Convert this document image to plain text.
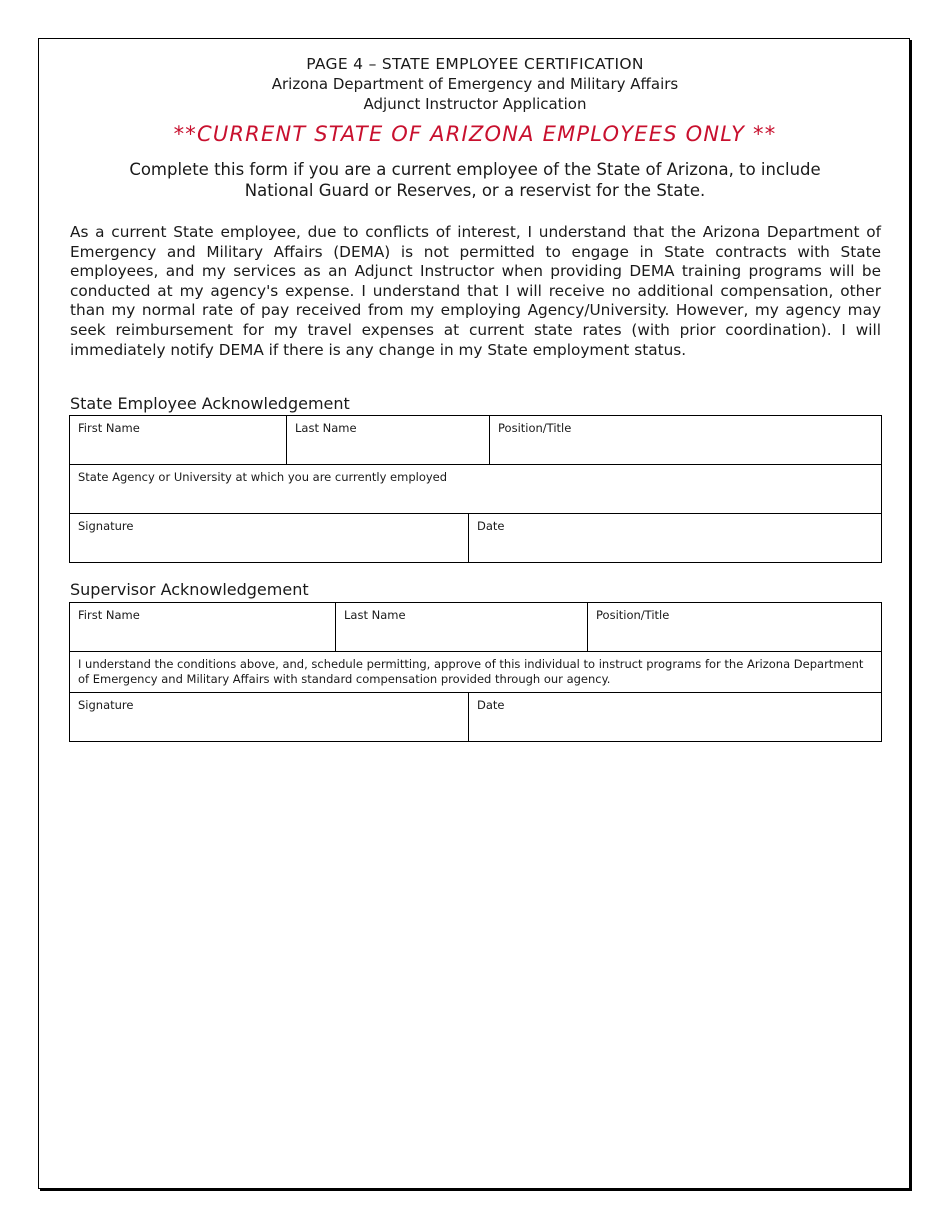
PAGE 4 – STATE EMPLOYEE CERTIFICATION
Arizona Department of Emergency and Military Affairs
Adjunct Instructor Application
**CURRENT STATE OF ARIZONA EMPLOYEES ONLY **
Complete this form if you are a current employee of the State of Arizona, to include
National Guard or Reserves, or a reservist for the State.
As a current State employee, due to conflicts of interest, I understand that the Arizona Department of Emergency and Military Affairs (DEMA) is not permitted to engage in State contracts with State employees, and my services as an Adjunct Instructor when providing DEMA training programs will be conducted at my agency's expense. I understand that I will receive no additional compensation, other than my normal rate of pay received from my employing Agency/University. However, my agency may seek reimbursement for my travel expenses at current state rates (with prior coordination). I will immediately notify DEMA if there is any change in my State employment status.
State Employee Acknowledgement
First Name	Last Name		Position/Title

State Agency or University at which you are currently employed			

Signature		Date	
Supervisor Acknowledgement
First Name	Last Name		Position/Title

I understand the conditions above, and, schedule permitting, approve of this individual to instruct programs for the Arizona Department of Emergency and Military Affairs with standard compensation provided through our agency.			

Signature		Date	
